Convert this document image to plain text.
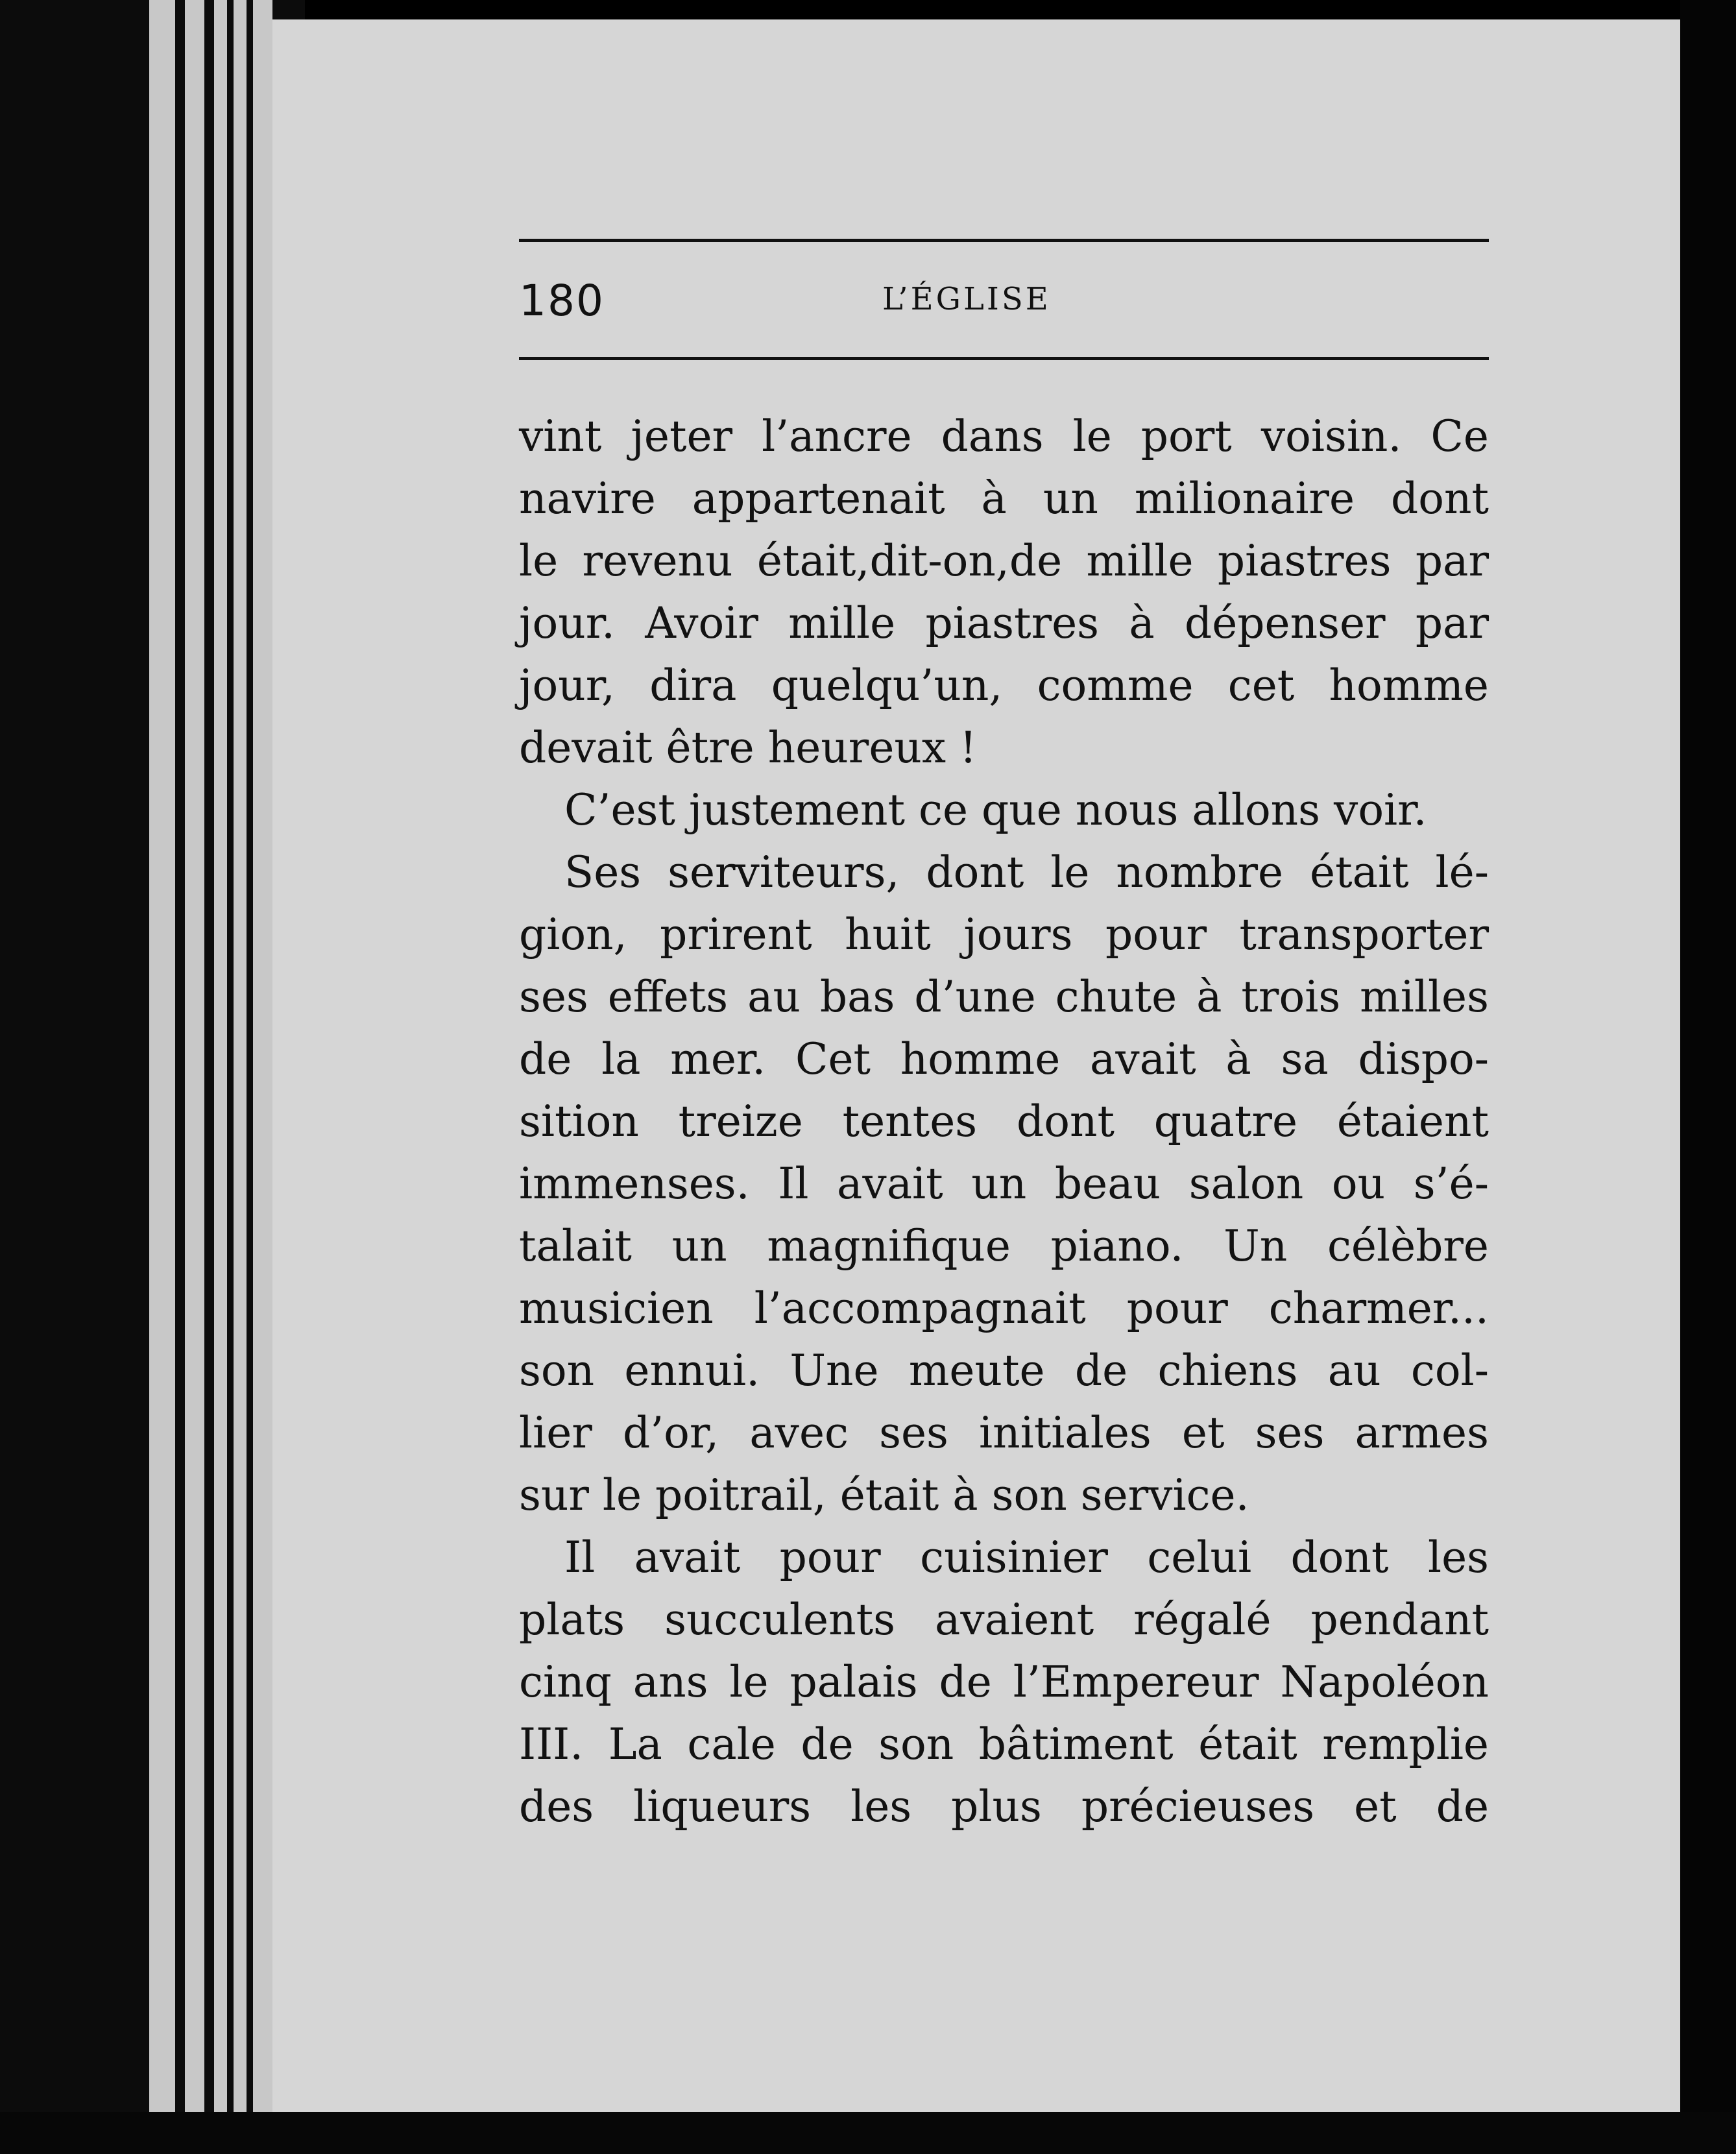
180	L’ÉGLISE
vint jeter l’ancre dans le port voisin. Ce
navire appartenait à un milionaire dont
le revenu était,dit-on,de mille piastres par
jour. Avoir mille piastres à dépenser par
jour, dira quelqu’un, comme cet homme
devait être heureux !
C’est justement ce que nous allons voir.
Ses serviteurs, dont le nombre était lé-
gion, prirent huit jours pour transporter
ses effets au bas d’une chute à trois milles
de la mer. Cet homme avait à sa dispo-
sition treize tentes dont quatre étaient
immenses. Il avait un beau salon ou s’é-
talait un magnifique piano. Un célèbre
musicien l’accompagnait pour charmer...
son ennui. Une meute de chiens au col-
lier d’or, avec ses initiales et ses armes
sur le poitrail, était à son service.
Il avait pour cuisinier celui dont les
plats succulents avaient régalé pendant
cinq ans le palais de l’Empereur Napoléon
III. La cale de son bâtiment était remplie
des liqueurs les plus précieuses et de
